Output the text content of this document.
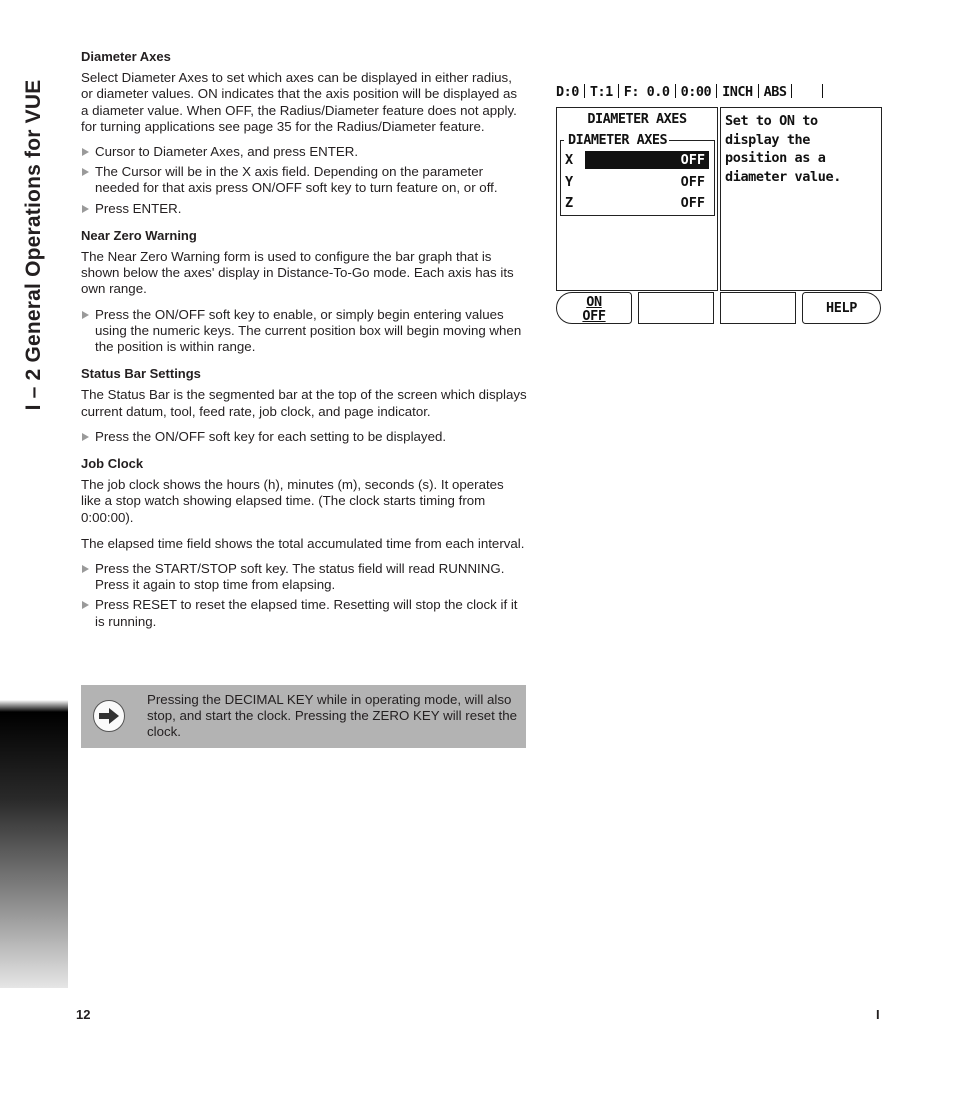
I – 2 General Operations for VUE
Diameter Axes

Select Diameter Axes to set which axes can be displayed in either radius, or diameter values. ON indicates that the axis position will be displayed as a diameter value. When OFF, the Radius/Diameter feature does not apply. for turning applications see page 35 for the Radius/Diameter feature.

Cursor to Diameter Axes, and press ENTER.
The Cursor will be in the X axis field. Depending on the parameter needed for that axis press ON/OFF soft key to turn feature on, or off.
Press ENTER.
Near Zero Warning

The Near Zero Warning form is used to configure the bar graph that is shown below the axes' display in Distance-To-Go mode. Each axis has its own range.

Press the ON/OFF soft key to enable, or simply begin entering values using the numeric keys. The current position box will begin moving when the position is within range.
Status Bar Settings

The Status Bar is the segmented bar at the top of the screen which displays current datum, tool, feed rate, job clock, and page indicator.

Press the ON/OFF soft key for each setting to be displayed.
Job Clock

The job clock shows the hours (h), minutes (m), seconds (s). It operates like a stop watch showing elapsed time. (The clock starts timing from 0:00:00).

The elapsed time field shows the total accumulated time from each interval.

Press the START/STOP soft key. The status field will read RUNNING. Press it again to stop time from elapsing.
Press RESET to reset the elapsed time. Resetting will stop the clock if it is running.
Pressing the DECIMAL KEY while in operating mode, will also stop, and start the clock. Pressing the ZERO KEY will reset the clock.
D:0 T:1 F: 0.0 0:00 INCH ABS
DIAMETER AXES
DIAMETER AXES
X	OFF
Y	OFF
Z	OFF
Set to ON to display the position as a diameter value.
ON
OFF	HELP
12	I
